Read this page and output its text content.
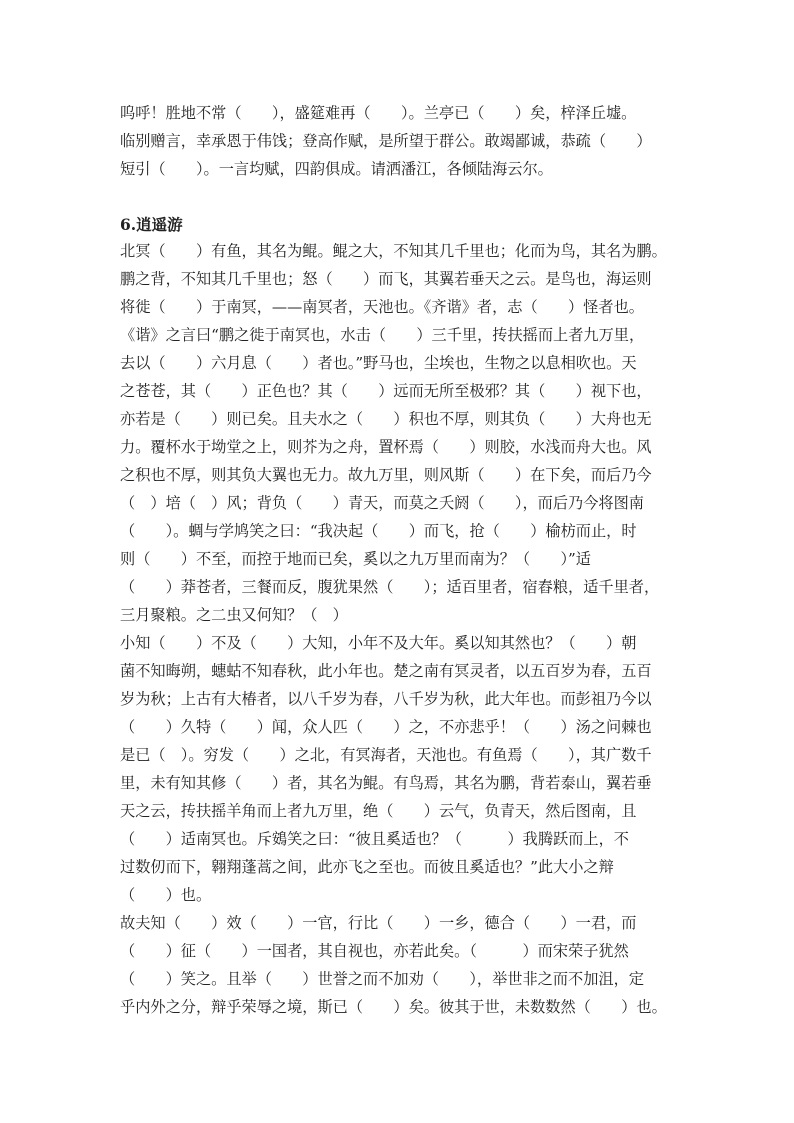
呜呼！胜地不常（　　），盛筵难再（　　）。兰亭已（　　）矣，梓泽丘墟。
临别赠言，幸承恩于伟饯；登高作赋，是所望于群公。敢竭鄙诚，恭疏（　　）
短引（　　）。一言均赋，四韵俱成。请洒潘江，各倾陆海云尔。
6.逍遥游
北冥（　　）有鱼，其名为鲲。鲲之大，不知其几千里也；化而为鸟，其名为鹏。
鹏之背，不知其几千里也；怒（　　）而飞，其翼若垂天之云。是鸟也，海运则
将徙（　　）于南冥，——南冥者，天池也。《齐谐》者，志（　　）怪者也。
《谐》之言曰“鹏之徙于南冥也，水击（　　）三千里，抟扶摇而上者九万里，
去以（　　）六月息（　　）者也。”野马也，尘埃也，生物之以息相吹也。天
之苍苍，其（　　）正色也？其（　　）远而无所至极邪？其（　　）视下也，
亦若是（　　）则已矣。且夫水之（　　）积也不厚，则其负（　　）大舟也无
力。覆杯水于坳堂之上，则芥为之舟，置杯焉（　　）则胶，水浅而舟大也。风
之积也不厚，则其负大翼也无力。故九万里，则风斯（　　）在下矣，而后乃今
（　）培（　）风；背负（　　）青天，而莫之夭阏（　　），而后乃今将图南
（　　）。蜩与学鸠笑之曰：“我决起（　　）而飞，抢（　　）榆枋而止，时
则（　　）不至，而控于地而已矣，奚以之九万里而南为？（　　）”适
（　　）莽苍者，三餐而反，腹犹果然（　　）；适百里者，宿舂粮，适千里者，
三月聚粮。之二虫又何知？（　）
小知（　　）不及（　　）大知，小年不及大年。奚以知其然也？（　　）朝
菌不知晦朔，蟪蛄不知春秋，此小年也。楚之南有冥灵者，以五百岁为春，五百
岁为秋；上古有大椿者，以八千岁为春，八千岁为秋，此大年也。而彭祖乃今以
（　　）久特（　　）闻，众人匹（　　）之，不亦悲乎！（　　）汤之问棘也
是已（　）。穷发（　　）之北，有冥海者，天池也。有鱼焉（　　），其广数千
里，未有知其修（　　）者，其名为鲲。有鸟焉，其名为鹏，背若泰山，翼若垂
天之云，抟扶摇羊角而上者九万里，绝（　　）云气，负青天，然后图南，且
（　　）适南冥也。斥鴳笑之曰：“彼且奚适也？（　　　）我腾跃而上，不
过数仞而下，翱翔蓬蒿之间，此亦飞之至也。而彼且奚适也？”此大小之辩
（　　）也。
故夫知（　　）效（　　）一官，行比（　　）一乡，德合（　　）一君，而
（　　）征（　　）一国者，其自视也，亦若此矣。（　　　）而宋荣子犹然
（　　）笑之。且举（　　）世誉之而不加劝（　　），举世非之而不加沮，定
乎内外之分，辩乎荣辱之境，斯已（　　）矣。彼其于世，未数数然（　　）也。
